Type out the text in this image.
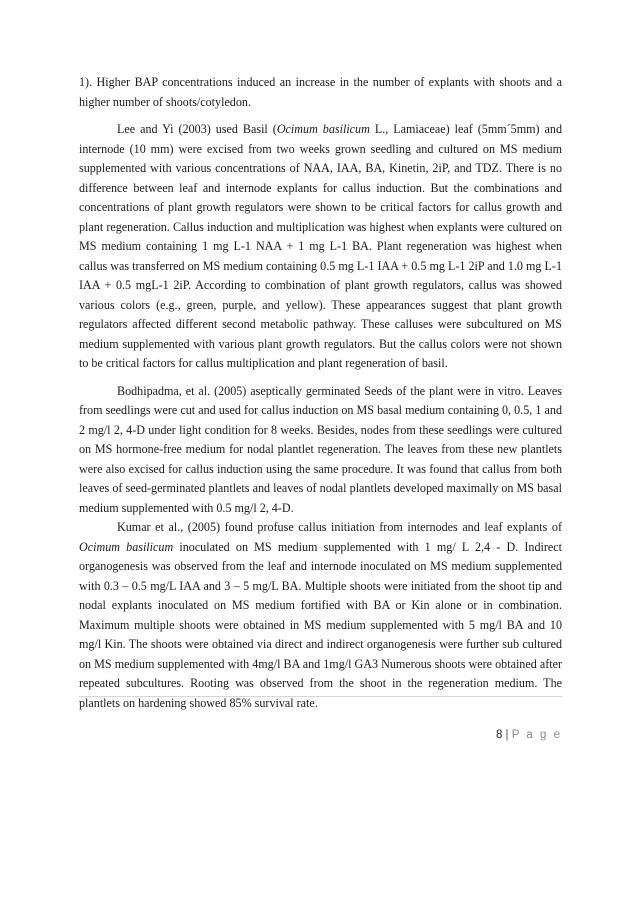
1). Higher BAP concentrations induced an increase in the number of explants with shoots and a higher number of shoots/cotyledon.

Lee and Yi (2003) used Basil (Ocimum basilicum L., Lamiaceae) leaf (5mm´5mm) and internode (10 mm) were excised from two weeks grown seedling and cultured on MS medium supplemented with various concentrations of NAA, IAA, BA, Kinetin, 2iP, and TDZ. There is no difference between leaf and internode explants for callus induction. But the combinations and concentrations of plant growth regulators were shown to be critical factors for callus growth and plant regeneration. Callus induction and multiplication was highest when explants were cultured on MS medium containing 1 mg L-1 NAA + 1 mg L-1 BA. Plant regeneration was highest when callus was transferred on MS medium containing 0.5 mg L-1 IAA + 0.5 mg L-1 2iP and 1.0 mg L-1 IAA + 0.5 mgL-1 2iP. According to combination of plant growth regulators, callus was showed various colors (e.g., green, purple, and yellow). These appearances suggest that plant growth regulators affected different second metabolic pathway. These calluses were subcultured on MS medium supplemented with various plant growth regulators. But the callus colors were not shown to be critical factors for callus multiplication and plant regeneration of basil.

Bodhipadma, et al. (2005) aseptically germinated Seeds of the plant were in vitro. Leaves from seedlings were cut and used for callus induction on MS basal medium containing 0, 0.5, 1 and 2 mg/l 2, 4-D under light condition for 8 weeks. Besides, nodes from these seedlings were cultured on MS hormone-free medium for nodal plantlet regeneration. The leaves from these new plantlets were also excised for callus induction using the same procedure. It was found that callus from both leaves of seed-germinated plantlets and leaves of nodal plantlets developed maximally on MS basal medium supplemented with 0.5 mg/l 2, 4-D.

Kumar et al., (2005) found profuse callus initiation from internodes and leaf explants of Ocimum basilicum inoculated on MS medium supplemented with 1 mg/ L 2,4 - D. Indirect organogenesis was observed from the leaf and internode inoculated on MS medium supplemented with 0.3 – 0.5 mg/L IAA and 3 – 5 mg/L BA. Multiple shoots were initiated from the shoot tip and nodal explants inoculated on MS medium fortified with BA or Kin alone or in combination. Maximum multiple shoots were obtained in MS medium supplemented with 5 mg/l BA and 10 mg/l Kin. The shoots were obtained via direct and indirect organogenesis were further sub cultured on MS medium supplemented with 4mg/l BA and 1mg/l GA3 Numerous shoots were obtained after repeated subcultures. Rooting was observed from the shoot in the regeneration medium. The plantlets on hardening showed 85% survival rate.

8 | P a g e
